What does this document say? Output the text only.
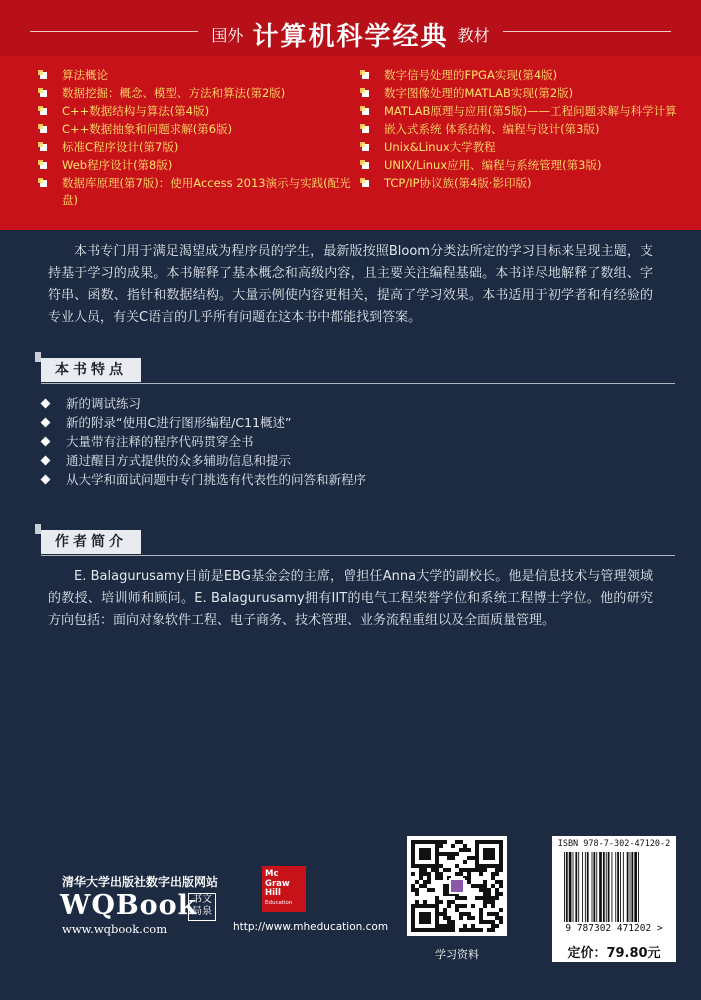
国外 计算机科学经典 教材
算法概论
数据挖掘：概念、模型、方法和算法(第2版)
C++数据结构与算法(第4版)
C++数据抽象和问题求解(第6版)
标准C程序设计(第7版)
Web程序设计(第8版)
数据库原理(第7版)：使用Access 2013演示与实践(配光盘)
数字信号处理的FPGA实现(第4版)
数字图像处理的MATLAB实现(第2版)
MATLAB原理与应用(第5版)——工程问题求解与科学计算
嵌入式系统 体系结构、编程与设计(第3版)
Unix&Linux大学教程
UNIX/Linux应用、编程与系统管理(第3版)
TCP/IP协议族(第4版·影印版)
本书专门用于满足渴望成为程序员的学生，最新版按照Bloom分类法所定的学习目标来呈现主题，支持基于学习的成果。本书解释了基本概念和高级内容，且主要关注编程基础。本书详尽地解释了数组、字符串、函数、指针和数据结构。大量示例使内容更相关，提高了学习效果。本书适用于初学者和有经验的专业人员，有关C语言的几乎所有问题在这本书中都能找到答案。
本书特点
新的调试练习
新的附录“使用C进行图形编程/C11概述”
大量带有注释的程序代码贯穿全书
通过醒目方式提供的众多辅助信息和提示
从大学和面试问题中专门挑选有代表性的问答和新程序
作者简介
E. Balagurusamy目前是EBG基金会的主席，曾担任Anna大学的副校长。他是信息技术与管理领域的教授、培训师和顾问。E. Balagurusamy拥有IIT的电气工程荣誉学位和系统工程博士学位。他的研究方向包括：面向对象软件工程、电子商务、技术管理、业务流程重组以及全面质量管理。
清华大学出版社数字出版网站
WQBook
书文局泉
www.wqbook.com
Mc
Graw
Hill
Education
http://www.mheducation.com
学习资料
ISBN 978-7-302-47120-2
9 787302 471202 >
定价：79.80元
